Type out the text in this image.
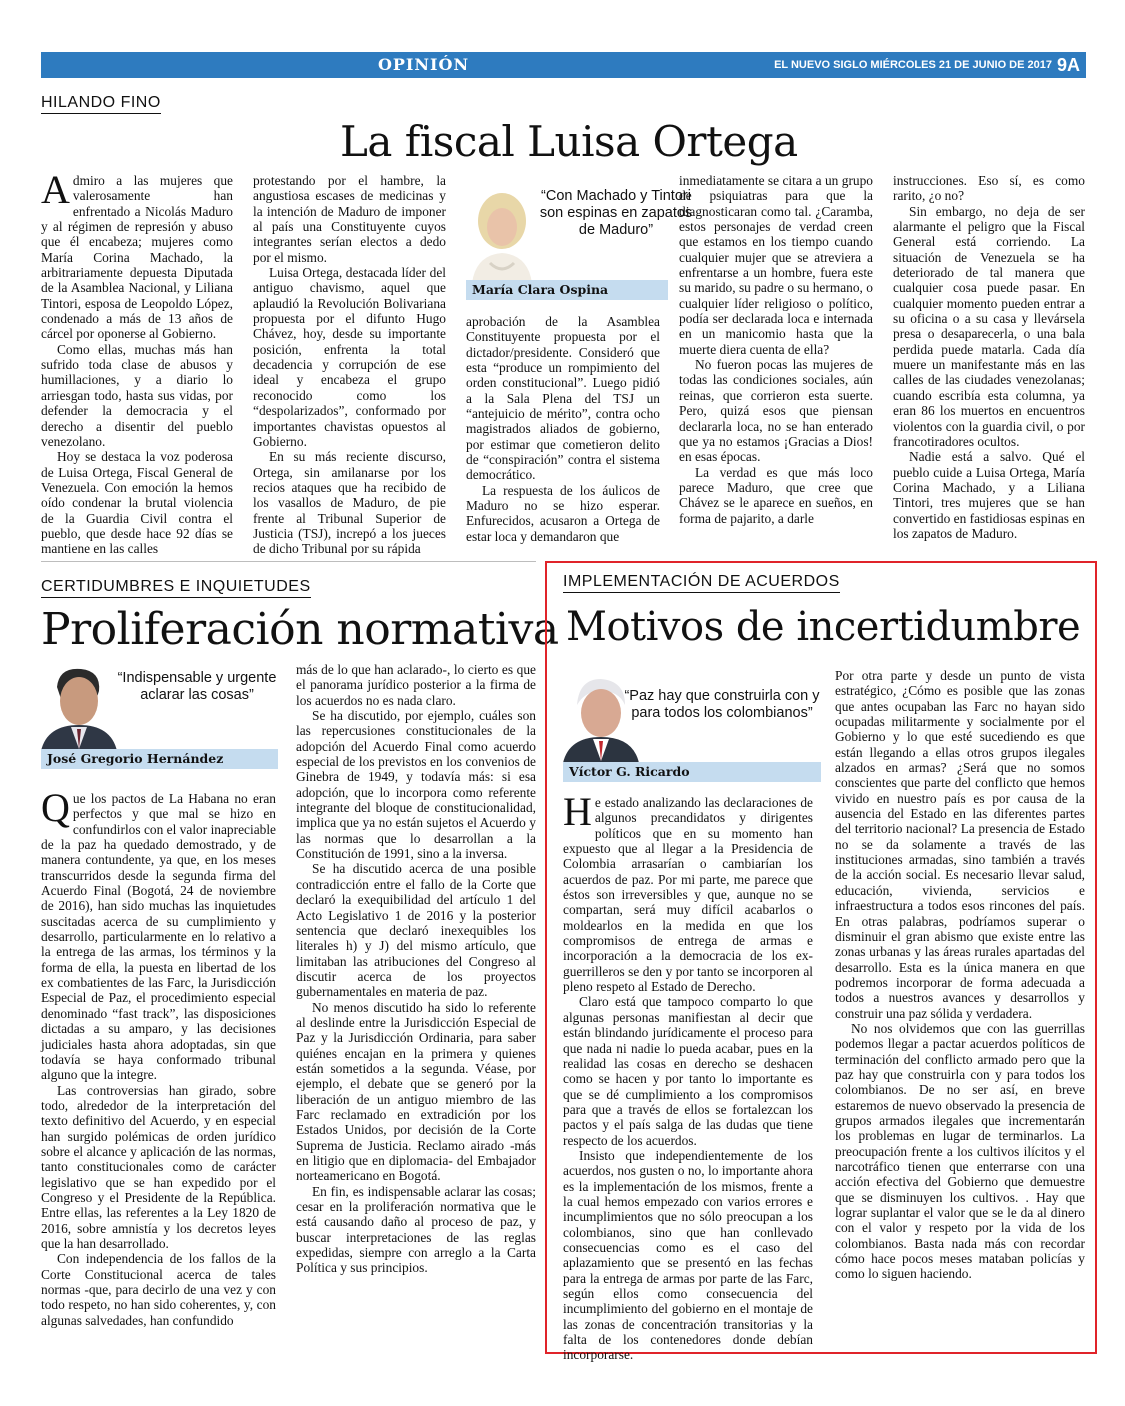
OPINIÓN	EL NUEVO SIGLO MIÉRCOLES 21 DE JUNIO DE 2017 9A
HILANDO FINO
La fiscal Luisa Ortega

Admiro a las mujeres que valerosamente han enfrentado a Nicolás Maduro y al régimen de represión y abuso que él encabeza; mujeres como María Corina Machado, la arbitrariamente depuesta Diputada de la Asamblea Nacional, y Liliana Tintori, esposa de Leopoldo López, condenado a más de 13 años de cárcel por oponerse al Gobierno.

Como ellas, muchas más han sufrido toda clase de abusos y humillaciones, y a diario lo arriesgan todo, hasta sus vidas, por defender la democracia y el derecho a disentir del pueblo venezolano.

Hoy se destaca la voz poderosa de Luisa Ortega, Fiscal General de Venezuela. Con emoción la hemos oído condenar la brutal violencia de la Guardia Civil contra el pueblo, que desde hace 92 días se mantiene en las calles

protestando por el hambre, la angustiosa escases de medicinas y la intención de Maduro de imponer al país una Constituyente cuyos integrantes serían electos a dedo por el mismo.

Luisa Ortega, destacada líder del antiguo chavismo, aquel que aplaudió la Revolución Bolivariana propuesta por el difunto Hugo Chávez, hoy, desde su importante posición, enfrenta la total decadencia y corrupción de ese ideal y encabeza el grupo reconocido como los “despolarizados”, conformado por importantes chavistas opuestos al Gobierno.

En su más reciente discurso, Ortega, sin amilanarse por los recios ataques que ha recibido de los vasallos de Maduro, de pie frente al Tribunal Superior de Justicia (TSJ), increpó a los jueces de dicho Tribunal por su rápida

“Con Machado y Tintori son espinas en zapatos de Maduro”
María Clara Ospina

aprobación de la Asamblea Constituyente propuesta por el dictador/presidente. Consideró que esta “produce un rompimiento del orden constitucional”. Luego pidió a la Sala Plena del TSJ un “antejuicio de mérito”, contra ocho magistrados aliados de gobierno, por estimar que cometieron delito de “conspiración” contra el sistema democrático.

La respuesta de los áulicos de Maduro no se hizo esperar. Enfurecidos, acusaron a Ortega de estar loca y demandaron que

inmediatamente se citara a un grupo de psiquiatras para que la diagnosticaran como tal. ¿Caramba, estos personajes de verdad creen que estamos en los tiempo cuando cualquier mujer que se atreviera a enfrentarse a un hombre, fuera este su marido, su padre o su hermano, o cualquier líder religioso o político, podía ser declarada loca e internada en un manicomio hasta que la muerte diera cuenta de ella?

No fueron pocas las mujeres de todas las condiciones sociales, aún reinas, que corrieron esta suerte. Pero, quizá esos que piensan declararla loca, no se han enterado que ya no estamos ¡Gracias a Dios! en esas épocas.

La verdad es que más loco parece Maduro, que cree que Chávez se le aparece en sueños, en forma de pajarito, a darle

instrucciones. Eso sí, es como rarito, ¿o no?

Sin embargo, no deja de ser alarmante el peligro que la Fiscal General está corriendo. La situación de Venezuela se ha deteriorado de tal manera que cualquier cosa puede pasar. En cualquier momento pueden entrar a su oficina o a su casa y llevársela presa o desaparecerla, o una bala perdida puede matarla. Cada día muere un manifestante más en las calles de las ciudades venezolanas; cuando escribía esta columna, ya eran 86 los muertos en encuentros violentos con la guardia civil, o por francotiradores ocultos.

Nadie está a salvo. Qué el pueblo cuide a Luisa Ortega, María Corina Machado, y a Liliana Tintori, tres mujeres que se han convertido en fastidiosas espinas en los zapatos de Maduro.

CERTIDUMBRES E INQUIETUDES
Proliferación normativa
“Indispensable y urgente aclarar las cosas”
José Gregorio Hernández

Que los pactos de La Habana no eran perfectos y que mal se hizo en confundirlos con el valor inapreciable de la paz ha quedado demostrado, y de manera contundente, ya que, en los meses transcurridos desde la segunda firma del Acuerdo Final (Bogotá, 24 de noviembre de 2016), han sido muchas las inquietudes suscitadas acerca de su cumplimiento y desarrollo, particularmente en lo relativo a la entrega de las armas, los términos y la forma de ella, la puesta en libertad de los ex combatientes de las Farc, la Jurisdicción Especial de Paz, el procedimiento especial denominado “fast track”, las disposiciones dictadas a su amparo, y las decisiones judiciales hasta ahora adoptadas, sin que todavía se haya conformado tribunal alguno que la integre.

Las controversias han girado, sobre todo, alrededor de la interpretación del texto definitivo del Acuerdo, y en especial han surgido polémicas de orden jurídico sobre el alcance y aplicación de las normas, tanto constitucionales como de carácter legislativo que se han expedido por el Congreso y el Presidente de la República. Entre ellas, las referentes a la Ley 1820 de 2016, sobre amnistía y los decretos leyes que la han desarrollado.

Con independencia de los fallos de la Corte Constitucional acerca de tales normas -que, para decirlo de una vez y con todo respeto, no han sido coherentes, y, con algunas salvedades, han confundido

más de lo que han aclarado-, lo cierto es que el panorama jurídico posterior a la firma de los acuerdos no es nada claro.

Se ha discutido, por ejemplo, cuáles son las repercusiones constitucionales de la adopción del Acuerdo Final como acuerdo especial de los previstos en los convenios de Ginebra de 1949, y todavía más: si esa adopción, que lo incorpora como referente integrante del bloque de constitucionalidad, implica que ya no están sujetos el Acuerdo y las normas que lo desarrollan a la Constitución de 1991, sino a la inversa.

Se ha discutido acerca de una posible contradicción entre el fallo de la Corte que declaró la exequibilidad del artículo 1 del Acto Legislativo 1 de 2016 y la posterior sentencia que declaró inexequibles los literales h) y J) del mismo artículo, que limitaban las atribuciones del Congreso al discutir acerca de los proyectos gubernamentales en materia de paz.

No menos discutido ha sido lo referente al deslinde entre la Jurisdicción Especial de Paz y la Jurisdicción Ordinaria, para saber quiénes encajan en la primera y quienes están sometidos a la segunda. Véase, por ejemplo, el debate que se generó por la liberación de un antiguo miembro de las Farc reclamado en extradición por los Estados Unidos, por decisión de la Corte Suprema de Justicia. Reclamo airado -más en litigio que en diplomacia- del Embajador norteamericano en Bogotá.

En fin, es indispensable aclarar las cosas; cesar en la proliferación normativa que le está causando daño al proceso de paz, y buscar interpretaciones de las reglas expedidas, siempre con arreglo a la Carta Política y sus principios.

IMPLEMENTACIÓN DE ACUERDOS
Motivos de incertidumbre
“Paz hay que construirla con y para todos los colombianos”
Víctor G. Ricardo

He estado analizando las declaraciones de algunos precandidatos y dirigentes políticos que en su momento han expuesto que al llegar a la Presidencia de Colombia arrasarían o cambiarían los acuerdos de paz. Por mi parte, me parece que éstos son irreversibles y que, aunque no se compartan, será muy difícil acabarlos o moldearlos en la medida en que los compromisos de entrega de armas e incorporación a la democracia de los ex-guerrilleros se den y por tanto se incorporen al pleno respeto al Estado de Derecho.

Claro está que tampoco comparto lo que algunas personas manifiestan al decir que están blindando jurídicamente el proceso para que nada ni nadie lo pueda acabar, pues en la realidad las cosas en derecho se deshacen como se hacen y por tanto lo importante es que se dé cumplimiento a los compromisos para que a través de ellos se fortalezcan los pactos y el país salga de las dudas que tiene respecto de los acuerdos.

Insisto que independientemente de los acuerdos, nos gusten o no, lo importante ahora es la implementación de los mismos, frente a la cual hemos empezado con varios errores e incumplimientos que no sólo preocupan a los colombianos, sino que han conllevado consecuencias como es el caso del aplazamiento que se presentó en las fechas para la entrega de armas por parte de las Farc, según ellos como consecuencia del incumplimiento del gobierno en el montaje de las zonas de concentración transitorias y la falta de los contenedores donde debían incorporarse.

Por otra parte y desde un punto de vista estratégico, ¿Cómo es posible que las zonas que antes ocupaban las Farc no hayan sido ocupadas militarmente y socialmente por el Gobierno y lo que esté sucediendo es que están llegando a ellas otros grupos ilegales alzados en armas? ¿Será que no somos conscientes que parte del conflicto que hemos vivido en nuestro país es por causa de la ausencia del Estado en las diferentes partes del territorio nacional? La presencia de Estado no se da solamente a través de las instituciones armadas, sino también a través de la acción social. Es necesario llevar salud, educación, vivienda, servicios e infraestructura a todos esos rincones del país. En otras palabras, podríamos superar o disminuir el gran abismo que existe entre las zonas urbanas y las áreas rurales apartadas del desarrollo. Esta es la única manera en que podremos incorporar de forma adecuada a todos a nuestros avances y desarrollos y construir una paz sólida y verdadera.

No nos olvidemos que con las guerrillas podemos llegar a pactar acuerdos políticos de terminación del conflicto armado pero que la paz hay que construirla con y para todos los colombianos. De no ser así, en breve estaremos de nuevo observado la presencia de grupos armados ilegales que incrementarán los problemas en lugar de terminarlos. La preocupación frente a los cultivos ilícitos y el narcotráfico tienen que enterrarse con una acción efectiva del Gobierno que demuestre que se disminuyen los cultivos. . Hay que lograr suplantar el valor que se le da al dinero con el valor y respeto por la vida de los colombianos. Basta nada más con recordar cómo hace pocos meses mataban policías y como lo siguen haciendo.
